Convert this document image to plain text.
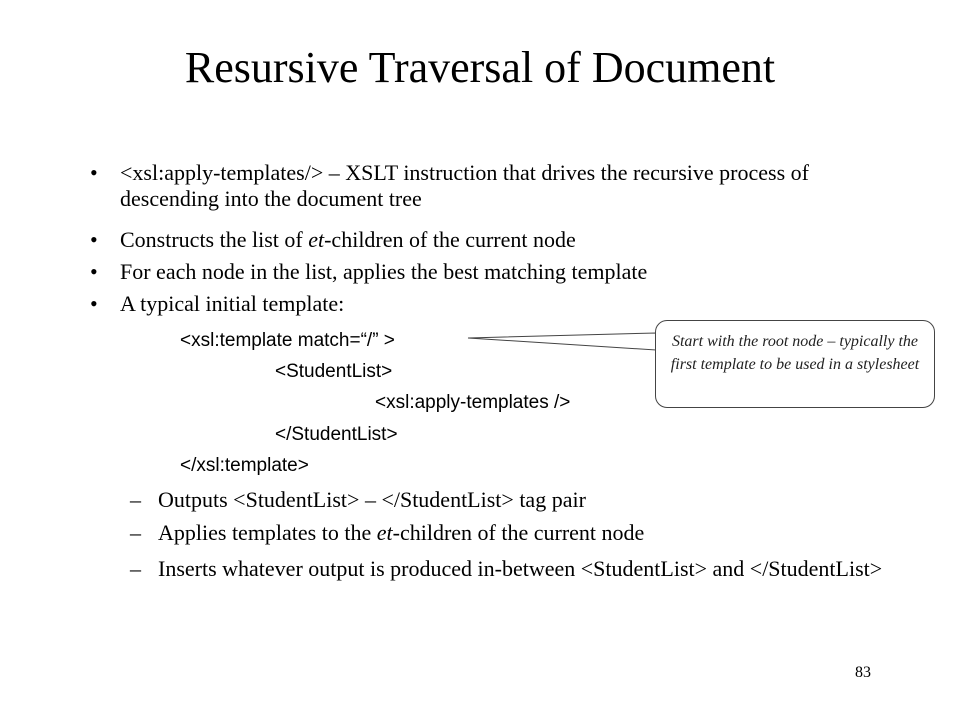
Resursive Traversal of Document
•	<xsl:apply-templates/> – XSLT instruction that drives the recursive process of descending into the document tree
•	Constructs the list of et-children of the current node
•	For each node in the list, applies the best matching template
•	A typical initial template:
<xsl:template match=“/” >
<StudentList>
<xsl:apply-templates />
</StudentList>
</xsl:template>
– Outputs <StudentList> – </StudentList> tag pair
– Applies templates to the et-children of the current node
– Inserts whatever output is produced in-between <StudentList> and </StudentList>
Start with the root node – typically the first template to be used in a stylesheet
83
